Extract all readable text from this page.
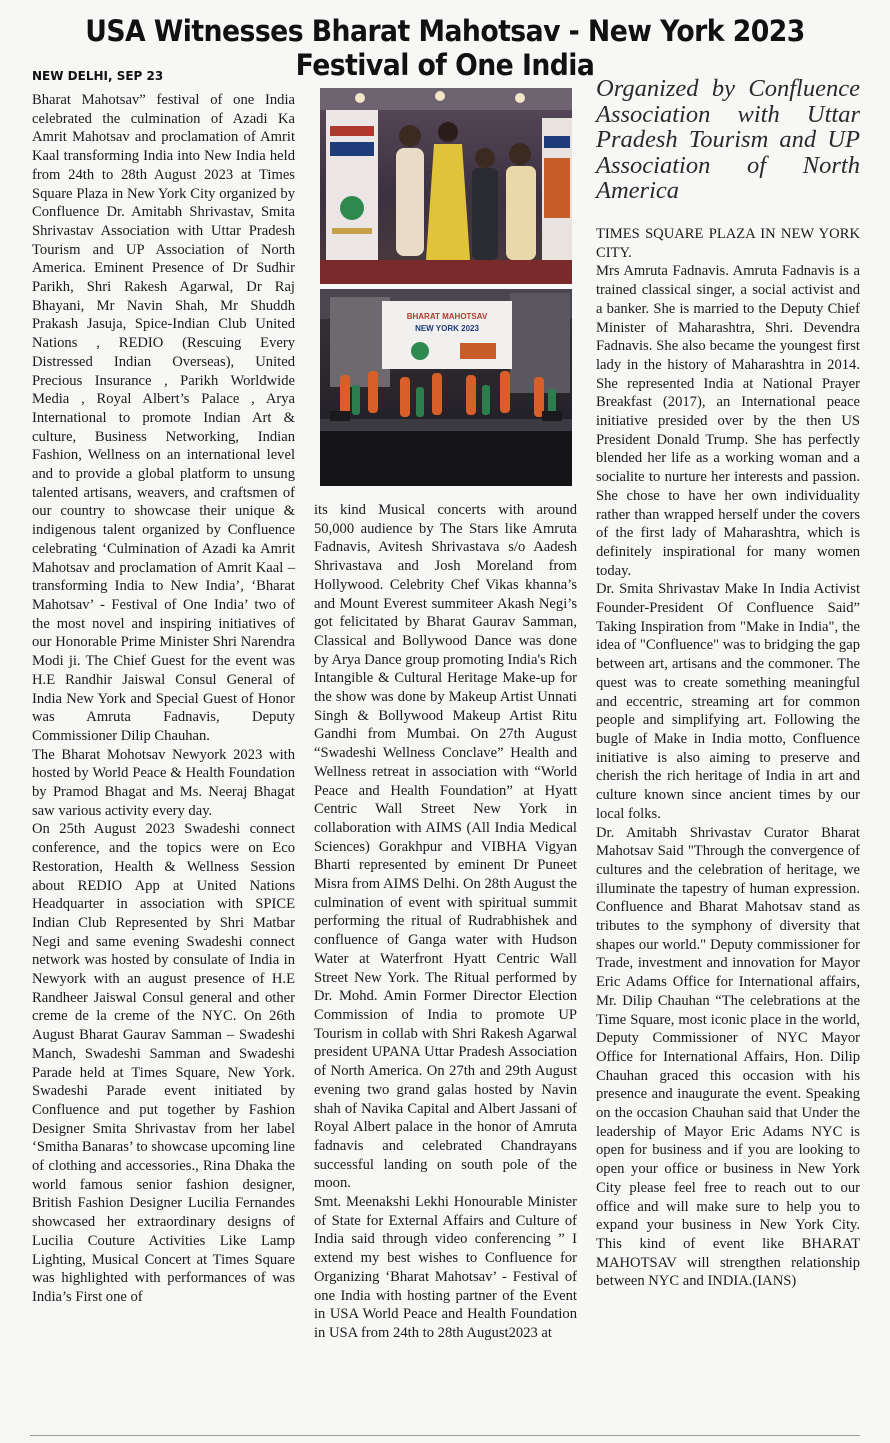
USA Witnesses Bharat Mahotsav - New York 2023 Festival of One India
NEW DELHI, SEP 23

Bharat Mahotsav” festival of one India celebrated the culmination of Azadi Ka Amrit Mahotsav and proclamation of Amrit Kaal transforming India into New India held from 24th to 28th August 2023 at Times Square Plaza in New York City organized by Confluence Dr. Amitabh Shrivastav, Smita Shrivastav Association with Uttar Pradesh Tourism and UP Association of North America. Eminent Presence of Dr Sudhir Parikh, Shri Rakesh Agarwal, Dr Raj Bhayani, Mr Navin Shah, Mr Shuddh Prakash Jasuja, Spice-Indian Club United Nations , REDIO (Rescuing Every Distressed Indian Overseas), United Precious Insurance , Parikh Worldwide Media , Royal Albert’s Palace , Arya International to promote Indian Art & culture, Business Networking, Indian Fashion, Wellness on an international level and to provide a global platform to unsung talented artisans, weavers, and craftsmen of our country to showcase their unique & indigenous talent organized by Confluence celebrating ‘Culmination of Azadi ka Amrit Mahotsav and proclamation of Amrit Kaal – transforming India to New India’, ‘Bharat Mahotsav’ - Festival of One India’ two of the most novel and inspiring initiatives of our Honorable Prime Minister Shri Narendra Modi ji. The Chief Guest for the event was H.E Randhir Jaiswal Consul General of India New York and Special Guest of Honor was Amruta Fadnavis, Deputy Commissioner Dilip Chauhan.

The Bharat Mohotsav Newyork 2023 with hosted by World Peace & Health Foundation by Pramod Bhagat and Ms. Neeraj Bhagat saw various activity every day.

On 25th August 2023 Swadeshi connect conference, and the topics were on Eco Restoration, Health & Wellness Session about REDIO App at United Nations Headquarter in association with SPICE Indian Club Represented by Shri Matbar Negi and same evening Swadeshi connect network was hosted by consulate of India in Newyork with an august presence of H.E Randheer Jaiswal Consul general and other creme de la creme of the NYC. On 26th August Bharat Gaurav Samman – Swadeshi Manch, Swadeshi Samman and Swadeshi Parade held at Times Square, New York. Swadeshi Parade event initiated by Confluence and put together by Fashion Designer Smita Shrivastav from her label ‘Smitha Banaras’ to showcase upcoming line of clothing and accessories., Rina Dhaka the world famous senior fashion designer, British Fashion Designer Lucilia Fernandes showcased her extraordinary designs of Lucilia Couture Activities Like Lamp Lighting, Musical Concert at Times Square was highlighted with performances of was India’s First one of

BHARAT MAHOTSAV
NEW YORK 2023

its kind Musical concerts with around 50,000 audience by The Stars like Amruta Fadnavis, Avitesh Shrivastava s/o Aadesh Shrivastava and Josh Moreland from Hollywood. Celebrity Chef Vikas khanna’s and Mount Everest summiteer Akash Negi’s got felicitated by Bharat Gaurav Samman, Classical and Bollywood Dance was done by Arya Dance group promoting India's Rich Intangible & Cultural Heritage Make-up for the show was done by Makeup Artist Unnati Singh & Bollywood Makeup Artist Ritu Gandhi from Mumbai. On 27th August “Swadeshi Wellness Conclave” Health and Wellness retreat in association with “World Peace and Health Foundation” at Hyatt Centric Wall Street New York in collaboration with AIMS (All India Medical Sciences) Gorakhpur and VIBHA Vigyan Bharti represented by eminent Dr Puneet Misra from AIMS Delhi. On 28th August the culmination of event with spiritual summit performing the ritual of Rudrabhishek and confluence of Ganga water with Hudson Water at Waterfront Hyatt Centric Wall Street New York. The Ritual performed by Dr. Mohd. Amin Former Director Election Commission of India to promote UP Tourism in collab with Shri Rakesh Agarwal president UPANA Uttar Pradesh Association of North America. On 27th and 29th August evening two grand galas hosted by Navin shah of Navika Capital and Albert Jassani of Royal Albert palace in the honor of Amruta fadnavis and celebrated Chandrayans successful landing on south pole of the moon.

Smt. Meenakshi Lekhi Honourable Minister of State for External Affairs and Culture of India said through video conferencing ” I extend my best wishes to Confluence for Organizing ‘Bharat Mahotsav’ - Festival of one India with hosting partner of the Event in USA World Peace and Health Foundation in USA from 24th to 28th August2023 at

Organized by Confluence Association with Uttar Pradesh Tourism and UP Association of North America

TIMES SQUARE PLAZA IN NEW YORK CITY.

Mrs Amruta Fadnavis. Amruta Fadnavis is a trained classical singer, a social activist and a banker. She is married to the Deputy Chief Minister of Maharashtra, Shri. Devendra Fadnavis. She also became the youngest first lady in the history of Maharashtra in 2014. She represented India at National Prayer Breakfast (2017), an International peace initiative presided over by the then US President Donald Trump. She has perfectly blended her life as a working woman and a socialite to nurture her interests and passion. She chose to have her own individuality rather than wrapped herself under the covers of the first lady of Maharashtra, which is definitely inspirational for many women today.

Dr. Smita Shrivastav Make In India Activist Founder-President Of Confluence Said” Taking Inspiration from "Make in India", the idea of "Confluence" was to bridging the gap between art, artisans and the commoner. The quest was to create something meaningful and eccentric, streaming art for common people and simplifying art. Following the bugle of Make in India motto, Confluence initiative is also aiming to preserve and cherish the rich heritage of India in art and culture known since ancient times by our local folks.

Dr. Amitabh Shrivastav Curator Bharat Mahotsav Said "Through the convergence of cultures and the celebration of heritage, we illuminate the tapestry of human expression. Confluence and Bharat Mahotsav stand as tributes to the symphony of diversity that shapes our world." Deputy commissioner for Trade, investment and innovation for Mayor Eric Adams Office for International affairs, Mr. Dilip Chauhan “The celebrations at the Time Square, most iconic place in the world, Deputy Commissioner of NYC Mayor Office for International Affairs, Hon. Dilip Chauhan graced this occasion with his presence and inaugurate the event. Speaking on the occasion Chauhan said that Under the leadership of Mayor Eric Adams NYC is open for business and if you are looking to open your office or business in New York City please feel free to reach out to our office and will make sure to help you to expand your business in New York City. This kind of event like BHARAT MAHOTSAV will strengthen relationship between NYC and INDIA.(IANS)
